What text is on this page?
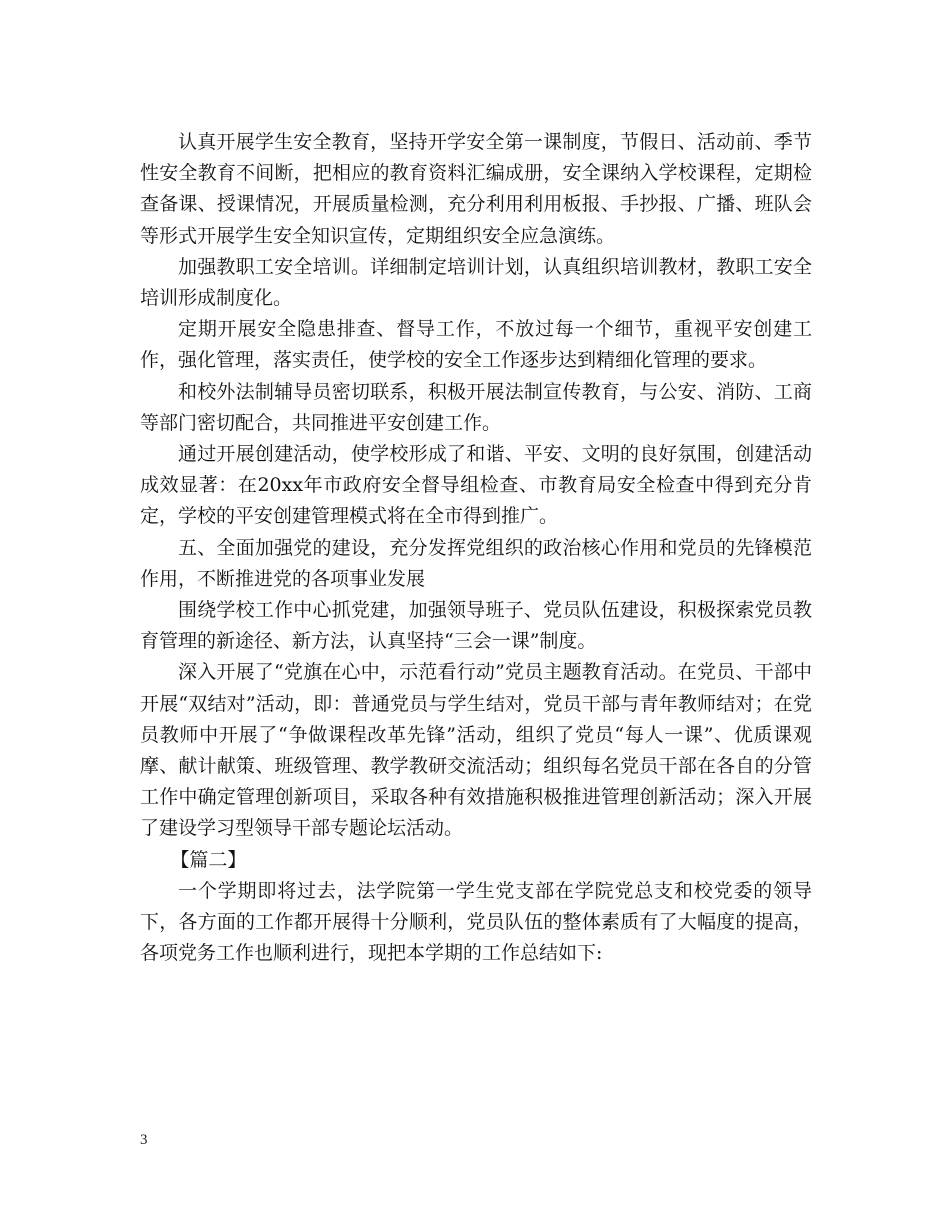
认真开展学生安全教育，坚持开学安全第一课制度，节假日、活动前、季节性安全教育不间断，把相应的教育资料汇编成册，安全课纳入学校课程，定期检查备课、授课情况，开展质量检测，充分利用利用板报、手抄报、广播、班队会等形式开展学生安全知识宣传，定期组织安全应急演练。

加强教职工安全培训。详细制定培训计划，认真组织培训教材，教职工安全培训形成制度化。

定期开展安全隐患排查、督导工作，不放过每一个细节，重视平安创建工作，强化管理，落实责任，使学校的安全工作逐步达到精细化管理的要求。

和校外法制辅导员密切联系，积极开展法制宣传教育，与公安、消防、工商等部门密切配合，共同推进平安创建工作。

通过开展创建活动，使学校形成了和谐、平安、文明的良好氛围，创建活动成效显著：在20xx年市政府安全督导组检查、市教育局安全检查中得到充分肯定，学校的平安创建管理模式将在全市得到推广。

五、全面加强党的建设，充分发挥党组织的政治核心作用和党员的先锋模范作用，不断推进党的各项事业发展

围绕学校工作中心抓党建，加强领导班子、党员队伍建设，积极探索党员教育管理的新途径、新方法，认真坚持“三会一课”制度。

深入开展了“党旗在心中，示范看行动”党员主题教育活动。在党员、干部中开展“双结对”活动，即：普通党员与学生结对，党员干部与青年教师结对；在党员教师中开展了“争做课程改革先锋”活动，组织了党员“每人一课”、优质课观摩、献计献策、班级管理、教学教研交流活动；组织每名党员干部在各自的分管工作中确定管理创新项目，采取各种有效措施积极推进管理创新活动；深入开展了建设学习型领导干部专题论坛活动。

【篇二】

一个学期即将过去，法学院第一学生党支部在学院党总支和校党委的领导下，各方面的工作都开展得十分顺利，党员队伍的整体素质有了大幅度的提高，各项党务工作也顺利进行，现把本学期的工作总结如下:

3
